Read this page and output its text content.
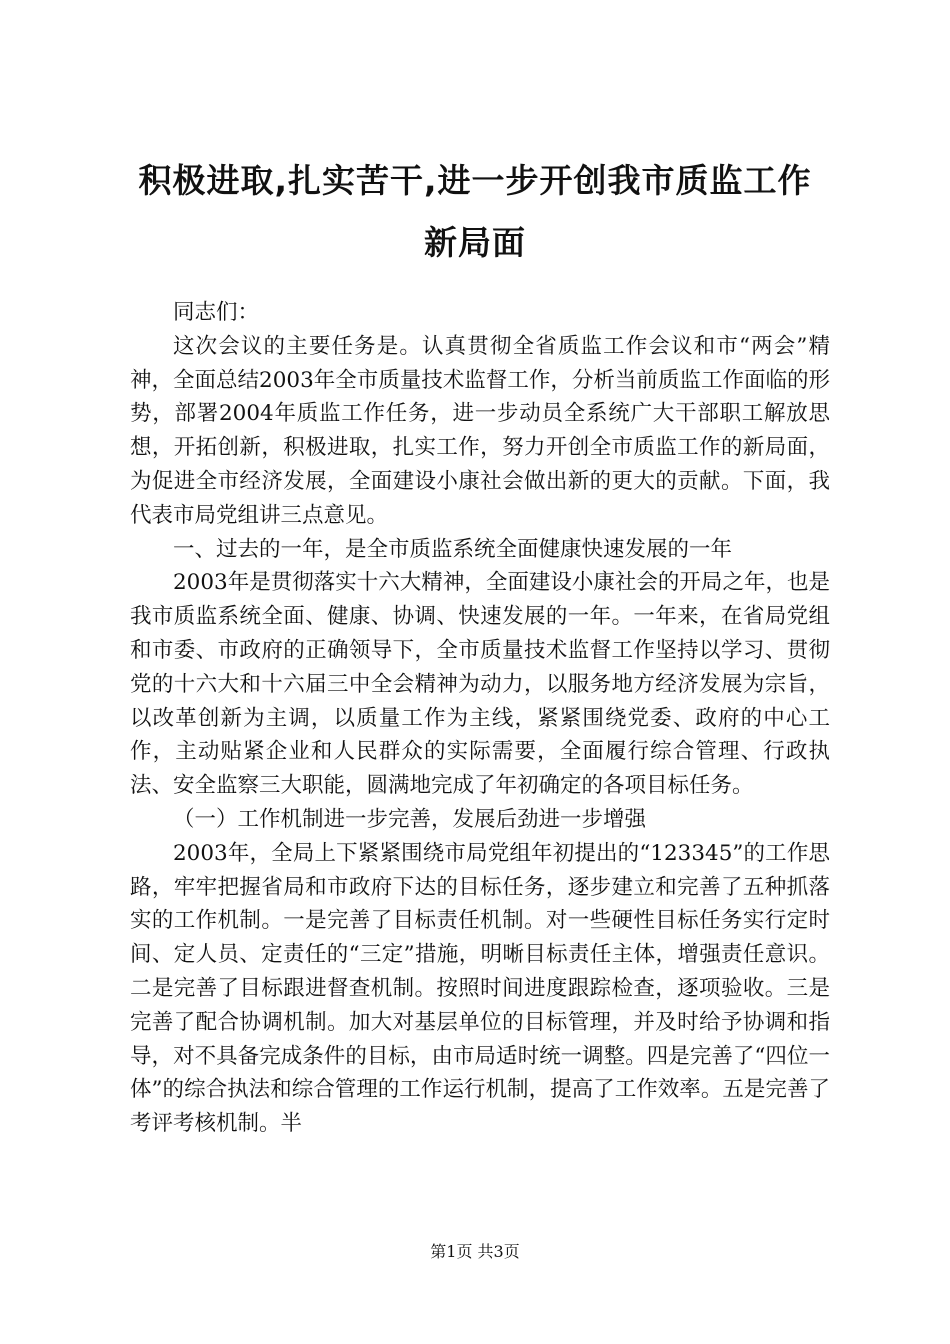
积极进取,扎实苦干,进一步开创我市质监工作
新局面

同志们：

这次会议的主要任务是。认真贯彻全省质监工作会议和市“两会”精神，全面总结2003年全市质量技术监督工作，分析当前质监工作面临的形势，部署2004年质监工作任务，进一步动员全系统广大干部职工解放思想，开拓创新，积极进取，扎实工作，努力开创全市质监工作的新局面，为促进全市经济发展，全面建设小康社会做出新的更大的贡献。下面，我代表市局党组讲三点意见。

一、过去的一年，是全市质监系统全面健康快速发展的一年

2003年是贯彻落实十六大精神，全面建设小康社会的开局之年，也是我市质监系统全面、健康、协调、快速发展的一年。一年来，在省局党组和市委、市政府的正确领导下，全市质量技术监督工作坚持以学习、贯彻党的十六大和十六届三中全会精神为动力，以服务地方经济发展为宗旨，以改革创新为主调，以质量工作为主线，紧紧围绕党委、政府的中心工作，主动贴紧企业和人民群众的实际需要，全面履行综合管理、行政执法、安全监察三大职能，圆满地完成了年初确定的各项目标任务。

（一）工作机制进一步完善，发展后劲进一步增强

2003年，全局上下紧紧围绕市局党组年初提出的“123345”的工作思路，牢牢把握省局和市政府下达的目标任务，逐步建立和完善了五种抓落实的工作机制。一是完善了目标责任机制。对一些硬性目标任务实行定时间、定人员、定责任的“三定”措施，明晰目标责任主体，增强责任意识。二是完善了目标跟进督查机制。按照时间进度跟踪检查，逐项验收。三是完善了配合协调机制。加大对基层单位的目标管理，并及时给予协调和指导，对不具备完成条件的目标，由市局适时统一调整。四是完善了“四位一体”的综合执法和综合管理的工作运行机制，提高了工作效率。五是完善了考评考核机制。半

第1页 共3页
